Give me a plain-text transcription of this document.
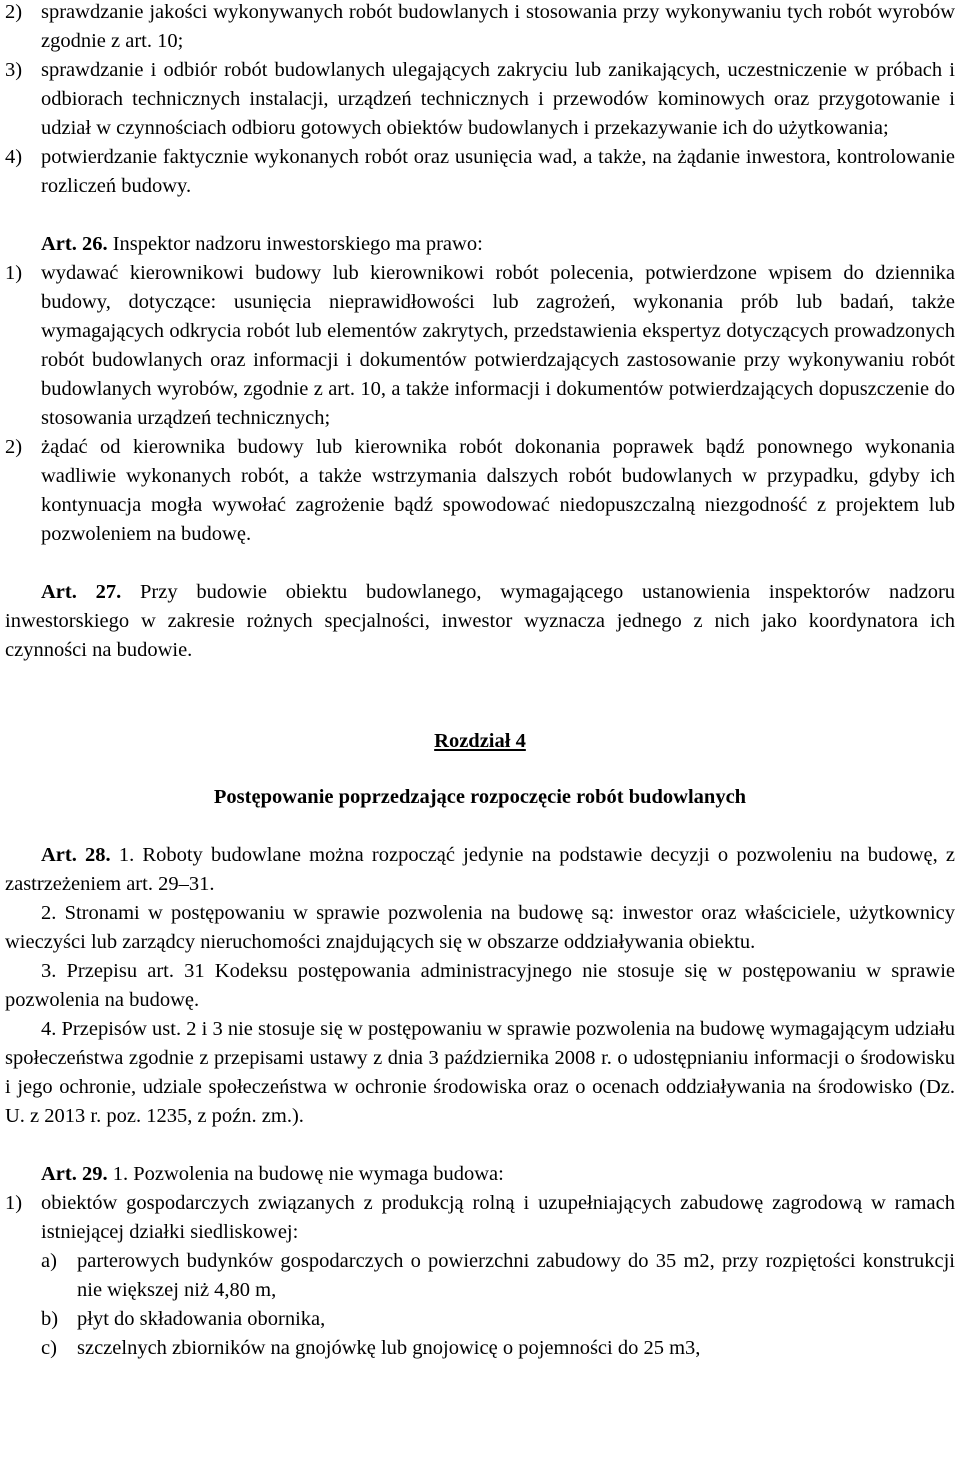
2) sprawdzanie jakości wykonywanych robót budowlanych i stosowania przy wykonywaniu tych robót wyrobów zgodnie z art. 10;
3) sprawdzanie i odbiór robót budowlanych ulegających zakryciu lub zanikających, uczestniczenie w próbach i odbiorach technicznych instalacji, urządzeń technicznych i przewodów kominowych oraz przygotowanie i udział w czynnościach odbioru gotowych obiektów budowlanych i przekazywanie ich do użytkowania;
4) potwierdzanie faktycznie wykonanych robót oraz usunięcia wad, a także, na żądanie inwestora, kontrolowanie rozliczeń budowy.
Art. 26. Inspektor nadzoru inwestorskiego ma prawo:
1) wydawać kierownikowi budowy lub kierownikowi robót polecenia, potwierdzone wpisem do dziennika budowy, dotyczące: usunięcia nieprawidłowości lub zagrożeń, wykonania prób lub badań, także wymagających odkrycia robót lub elementów zakrytych, przedstawienia ekspertyz dotyczących prowadzonych robót budowlanych oraz informacji i dokumentów potwierdzających zastosowanie przy wykonywaniu robót budowlanych wyrobów, zgodnie z art. 10, a także informacji i dokumentów potwierdzających dopuszczenie do stosowania urządzeń technicznych;
2) żądać od kierownika budowy lub kierownika robót dokonania poprawek bądź ponownego wykonania wadliwie wykonanych robót, a także wstrzymania dalszych robót budowlanych w przypadku, gdyby ich kontynuacja mogła wywołać zagrożenie bądź spowodować niedopuszczalną niezgodność z projektem lub pozwoleniem na budowę.
Art. 27. Przy budowie obiektu budowlanego, wymagającego ustanowienia inspektorów nadzoru inwestorskiego w zakresie rożnych specjalności, inwestor wyznacza jednego z nich jako koordynatora ich czynności na budowie.
Rozdział 4
Postępowanie poprzedzające rozpoczęcie robót budowlanych
Art. 28. 1. Roboty budowlane można rozpocząć jedynie na podstawie decyzji o pozwoleniu na budowę, z zastrzeżeniem art. 29–31.
2. Stronami w postępowaniu w sprawie pozwolenia na budowę są: inwestor oraz właściciele, użytkownicy wieczyści lub zarządcy nieruchomości znajdujących się w obszarze oddziaływania obiektu.
3. Przepisu art. 31 Kodeksu postępowania administracyjnego nie stosuje się w postępowaniu w sprawie pozwolenia na budowę.
4. Przepisów ust. 2 i 3 nie stosuje się w postępowaniu w sprawie pozwolenia na budowę wymagającym udziału społeczeństwa zgodnie z przepisami ustawy z dnia 3 października 2008 r. o udostępnianiu informacji o środowisku i jego ochronie, udziale społeczeństwa w ochronie środowiska oraz o ocenach oddziaływania na środowisko (Dz. U. z 2013 r. poz. 1235, z poźn. zm.).
Art. 29. 1. Pozwolenia na budowę nie wymaga budowa:
1) obiektów gospodarczych związanych z produkcją rolną i uzupełniających zabudowę zagrodową w ramach istniejącej działki siedliskowej:
a) parterowych budynków gospodarczych o powierzchni zabudowy do 35 m2, przy rozpiętości konstrukcji nie większej niż 4,80 m,
b) płyt do składowania obornika,
c) szczelnych zbiorników na gnojówkę lub gnojowicę o pojemności do 25 m3,
